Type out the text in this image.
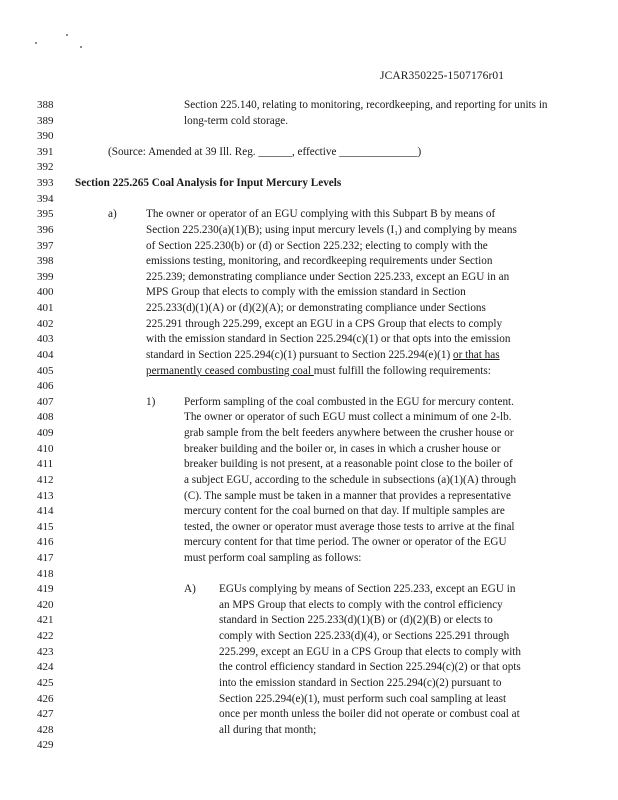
JCAR350225-1507176r01
388	Section 225.140, relating to monitoring, recordkeeping, and reporting for units in
389	long-term cold storage.
390
391	(Source: Amended at 39 Ill. Reg. ______, effective ______________)
392
393	Section 225.265 Coal Analysis for Input Mercury Levels
394
395	a)	The owner or operator of an EGU complying with this Subpart B by means of
396	Section 225.230(a)(1)(B); using input mercury levels (I₁) and complying by means
397	of Section 225.230(b) or (d) or Section 225.232; electing to comply with the
398	emissions testing, monitoring, and recordkeeping requirements under Section
399	225.239; demonstrating compliance under Section 225.233, except an EGU in an
400	MPS Group that elects to comply with the emission standard in Section
401	225.233(d)(1)(A) or (d)(2)(A); or demonstrating compliance under Sections
402	225.291 through 225.299, except an EGU in a CPS Group that elects to comply
403	with the emission standard in Section 225.294(c)(1) or that opts into the emission
404	standard in Section 225.294(c)(1) pursuant to Section 225.294(e)(1) or that has
405	permanently ceased combusting coal must fulfill the following requirements:
406
407	1)	Perform sampling of the coal combusted in the EGU for mercury content.
408	The owner or operator of such EGU must collect a minimum of one 2-lb.
409	grab sample from the belt feeders anywhere between the crusher house or
410	breaker building and the boiler or, in cases in which a crusher house or
411	breaker building is not present, at a reasonable point close to the boiler of
412	a subject EGU, according to the schedule in subsections (a)(1)(A) through
413	(C). The sample must be taken in a manner that provides a representative
414	mercury content for the coal burned on that day. If multiple samples are
415	tested, the owner or operator must average those tests to arrive at the final
416	mercury content for that time period. The owner or operator of the EGU
417	must perform coal sampling as follows:
418
419	A) EGUs complying by means of Section 225.233, except an EGU in
420	an MPS Group that elects to comply with the control efficiency
421	standard in Section 225.233(d)(1)(B) or (d)(2)(B) or elects to
422	comply with Section 225.233(d)(4), or Sections 225.291 through
423	225.299, except an EGU in a CPS Group that elects to comply with
424	the control efficiency standard in Section 225.294(c)(2) or that opts
425	into the emission standard in Section 225.294(c)(2) pursuant to
426	Section 225.294(e)(1), must perform such coal sampling at least
427	once per month unless the boiler did not operate or combust coal at
428	all during that month;
429
